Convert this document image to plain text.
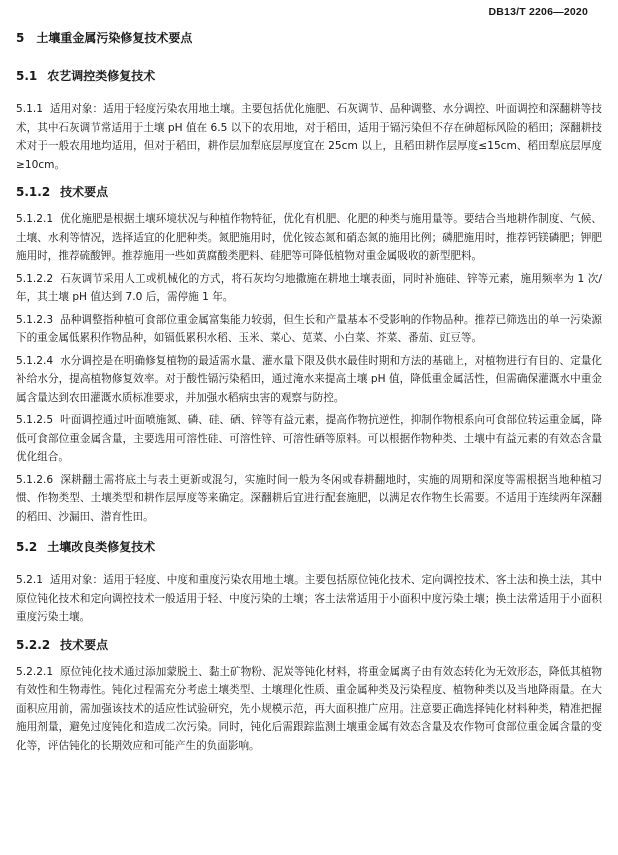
DB13/T 2206—2020
5 土壤重金属污染修复技术要点
5.1 农艺调控类修复技术

5.1.1 适用对象：适用于轻度污染农用地土壤。主要包括优化施肥、石灰调节、品种调整、水分调控、叶面调控和深翻耕等技术，其中石灰调节常适用于土壤 pH 值在 6.5 以下的农用地，对于稻田，适用于镉污染但不存在砷超标风险的稻田；深翻耕技术对于一般农用地均适用，但对于稻田，耕作层加犁底层厚度宜在 25cm 以上，且稻田耕作层厚度≤15cm、稻田犁底层厚度≥10cm。

5.1.2 技术要点

5.1.2.1 优化施肥是根据土壤环境状况与种植作物特征，优化有机肥、化肥的种类与施用量等。要结合当地耕作制度、气候、土壤、水利等情况，选择适宜的化肥种类。氮肥施用时，优化铵态氮和硝态氮的施用比例；磷肥施用时，推荐钙镁磷肥；钾肥施用时，推荐硫酸钾。推荐施用一些如黄腐酸类肥料、硅肥等可降低植物对重金属吸收的新型肥料。

5.1.2.2 石灰调节采用人工或机械化的方式，将石灰均匀地撒施在耕地土壤表面，同时补施硅、锌等元素，施用频率为 1 次/年，其土壤 pH 值达到 7.0 后，需停施 1 年。

5.1.2.3 品种调整指种植可食部位重金属富集能力较弱，但生长和产量基本不受影响的作物品种。推荐已筛选出的单一污染源下的重金属低累积作物品种，如镉低累积水稻、玉米、菜心、苋菜、小白菜、芥菜、番茄、豇豆等。

5.1.2.4 水分调控是在明确修复植物的最适需水量、灌水量下限及供水最佳时期和方法的基础上，对植物进行有目的、定量化补给水分，提高植物修复效率。对于酸性镉污染稻田，通过淹水来提高土壤 pH 值，降低重金属活性，但需确保灌溉水中重金属含量达到农田灌溉水质标准要求，并加强水稻病虫害的观察与防控。

5.1.2.5 叶面调控通过叶面喷施氮、磷、硅、硒、锌等有益元素，提高作物抗逆性，抑制作物根系向可食部位转运重金属，降低可食部位重金属含量，主要选用可溶性硅、可溶性锌、可溶性硒等原料。可以根据作物种类、土壤中有益元素的有效态含量优化组合。

5.1.2.6 深耕翻土需将底土与表土更新或混匀，实施时间一般为冬闲或春耕翻地时，实施的周期和深度等需根据当地种植习惯、作物类型、土壤类型和耕作层厚度等来确定。深翻耕后宜进行配套施肥，以满足农作物生长需要。不适用于连续两年深翻的稻田、沙漏田、潜育性田。

5.2 土壤改良类修复技术

5.2.1 适用对象：适用于轻度、中度和重度污染农用地土壤。主要包括原位钝化技术、定向调控技术、客土法和换土法，其中原位钝化技术和定向调控技术一般适用于轻、中度污染的土壤；客土法常适用于小面积中度污染土壤；换土法常适用于小面积重度污染土壤。

5.2.2 技术要点

5.2.2.1 原位钝化技术通过添加蒙脱土、黏土矿物粉、泥炭等钝化材料，将重金属离子由有效态转化为无效形态，降低其植物有效性和生物毒性。钝化过程需充分考虑土壤类型、土壤理化性质、重金属种类及污染程度、植物种类以及当地降雨量。在大面积应用前，需加强该技术的适应性试验研究，先小规模示范，再大面积推广应用。注意要正确选择钝化材料种类，精准把握施用剂量，避免过度钝化和造成二次污染。同时，钝化后需跟踪监测土壤重金属有效态含量及农作物可食部位重金属含量的变化等，评估钝化的长期效应和可能产生的负面影响。
